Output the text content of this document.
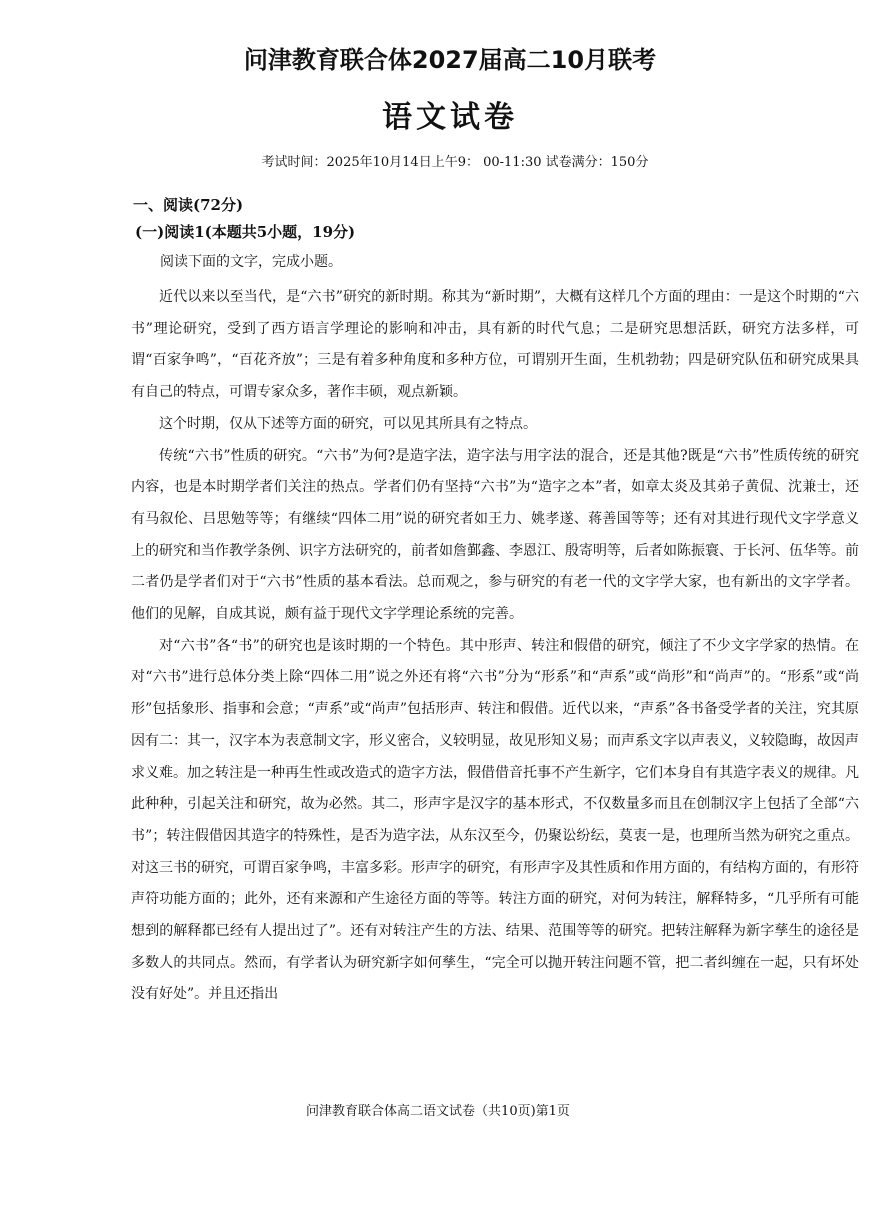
问津教育联合体2027届高二10月联考
语文试卷
考试时间：2025年10月14日上午9： 00-11:30 试卷满分：150分
一、阅读(72分)
(一)阅读1(本题共5小题，19分)
阅读下面的文字，完成小题。

近代以来以至当代，是“六书”研究的新时期。称其为“新时期”，大概有这样几个方面的理由：一是这个时期的“六书”理论研究，受到了西方语言学理论的影响和冲击，具有新的时代气息；二是研究思想活跃，研究方法多样，可谓“百家争鸣”，“百花齐放”；三是有着多种角度和多种方位，可谓别开生面，生机勃勃；四是研究队伍和研究成果具有自己的特点，可谓专家众多，著作丰硕，观点新颖。

这个时期，仅从下述等方面的研究，可以见其所具有之特点。

传统“六书”性质的研究。“六书”为何?是造字法，造字法与用字法的混合，还是其他?既是“六书”性质传统的研究内容，也是本时期学者们关注的热点。学者们仍有坚持“六书”为“造字之本”者，如章太炎及其弟子黄侃、沈兼士，还有马叙伦、吕思勉等等；有继续“四体二用”说的研究者如王力、姚孝遂、蒋善国等等；还有对其进行现代文字学意义上的研究和当作教学条例、识字方法研究的，前者如詹鄞鑫、李恩江、殷寄明等，后者如陈振寰、于长河、伍华等。前二者仍是学者们对于“六书”性质的基本看法。总而观之，参与研究的有老一代的文字学大家，也有新出的文字学者。他们的见解，自成其说，颇有益于现代文字学理论系统的完善。

对“六书”各“书”的研究也是该时期的一个特色。其中形声、转注和假借的研究，倾注了不少文字学家的热情。在对“六书”进行总体分类上除“四体二用”说之外还有将“六书”分为“形系”和“声系”或“尚形”和“尚声”的。“形系”或“尚形”包括象形、指事和会意；“声系”或“尚声”包括形声、转注和假借。近代以来，“声系”各书备受学者的关注，究其原因有二：其一，汉字本为表意制文字，形义密合，义较明显，故见形知义易；而声系文字以声表义，义较隐晦，故因声求义难。加之转注是一种再生性或改造式的造字方法，假借借音托事不产生新字，它们本身自有其造字表义的规律。凡此种种，引起关注和研究，故为必然。其二，形声字是汉字的基本形式，不仅数量多而且在创制汉字上包括了全部“六书”；转注假借因其造字的特殊性，是否为造字法，从东汉至今，仍聚讼纷纭，莫衷一是，也理所当然为研究之重点。对这三书的研究，可谓百家争鸣，丰富多彩。形声字的研究，有形声字及其性质和作用方面的，有结构方面的，有形符声符功能方面的；此外，还有来源和产生途径方面的等等。转注方面的研究，对何为转注，解释特多，“几乎所有可能想到的解释都已经有人提出过了”。还有对转注产生的方法、结果、范围等等的研究。把转注解释为新字孳生的途径是多数人的共同点。然而，有学者认为研究新字如何孳生，“完全可以抛开转注问题不管，把二者纠缠在一起，只有坏处没有好处”。并且还指出

问津教育联合体高二语文试卷（共10页)第1页
